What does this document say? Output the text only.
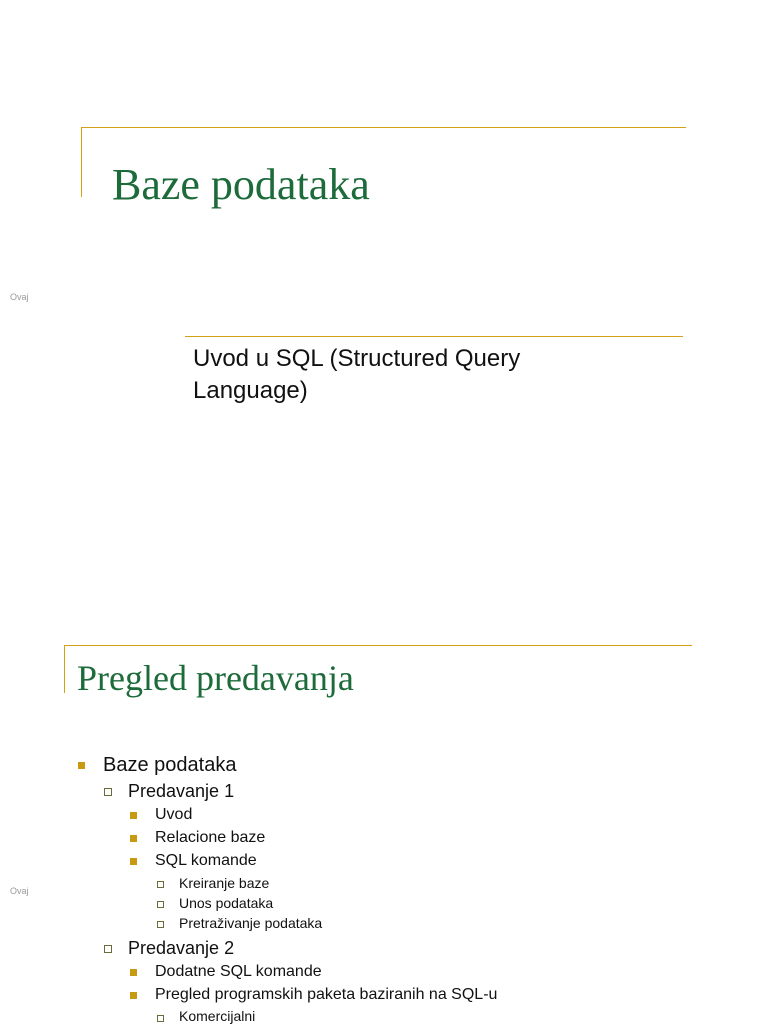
Baze podataka
Ovaj
Uvod u SQL (Structured Query
Language)
Pregled predavanja
Ovaj
Baze podataka
Predavanje 1
Uvod
Relacione baze
SQL komande
Kreiranje baze
Unos podataka
Pretraživanje podataka
Predavanje 2
Dodatne SQL komande
Pregled programskih paketa baziranih na SQL-u
Komercijalni
